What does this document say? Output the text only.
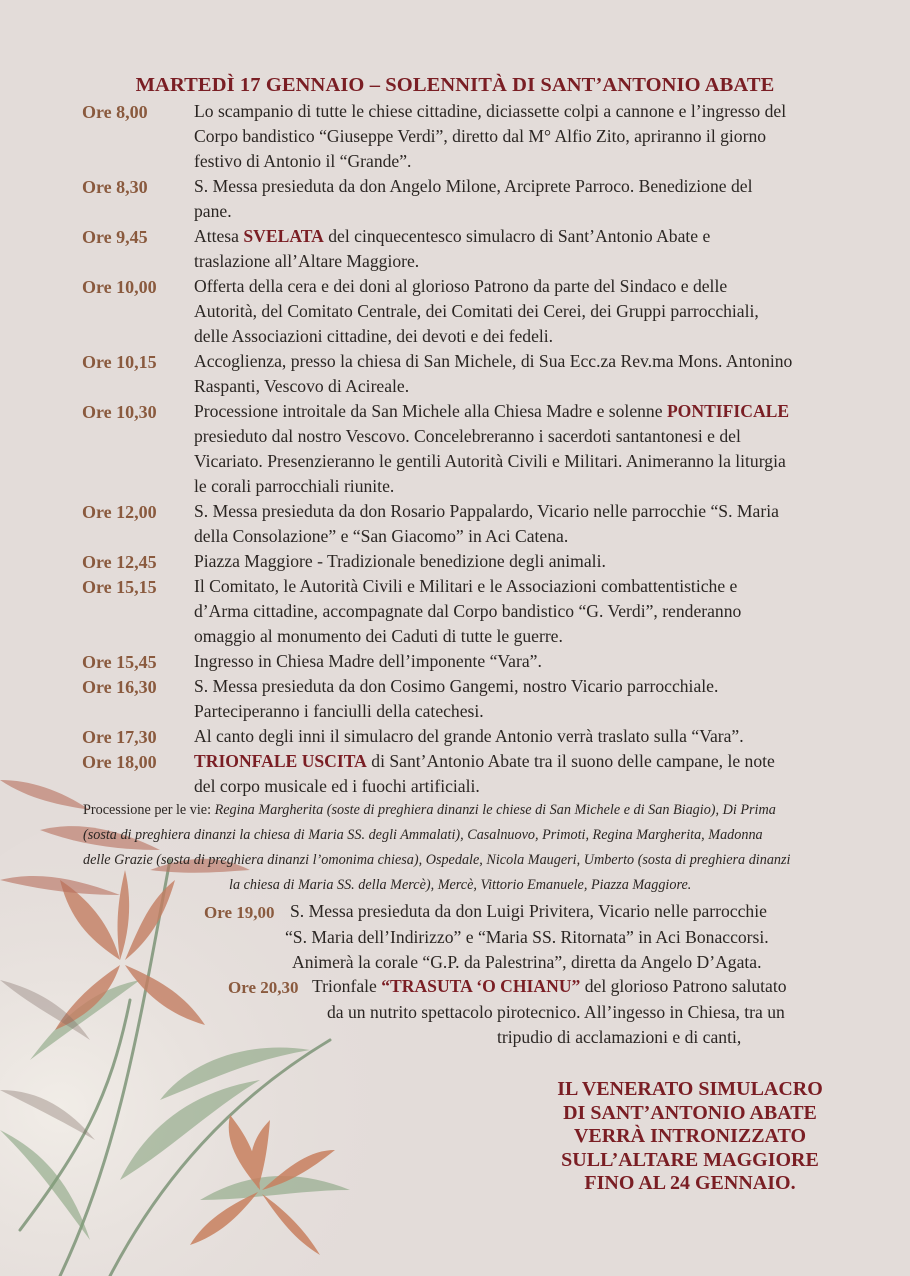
MARTEDÌ 17 GENNAIO – SOLENNITÀ DI SANT’ANTONIO ABATE
Ore 8,00	Lo scampanio di tutte le chiese cittadine, diciassette colpi a cannone e l’ingresso del
Corpo bandistico “Giuseppe Verdi”, diretto dal M° Alfio Zito, apriranno il giorno
festivo di Antonio il “Grande”.
Ore 8,30	S. Messa presieduta da don Angelo Milone, Arciprete Parroco. Benedizione del
pane.
Ore 9,45	Attesa SVELATA del cinquecentesco simulacro di Sant’Antonio Abate e
traslazione all’Altare Maggiore.
Ore 10,00 Offerta della cera e dei doni al glorioso Patrono da parte del Sindaco e delle
Autorità, del Comitato Centrale, dei Comitati dei Cerei, dei Gruppi parrocchiali,
delle Associazioni cittadine, dei devoti e dei fedeli.
Ore 10,15 Accoglienza, presso la chiesa di San Michele, di Sua Ecc.za Rev.ma Mons. Antonino
Raspanti, Vescovo di Acireale.
Ore 10,30 Processione introitale da San Michele alla Chiesa Madre e solenne PONTIFICALE
presieduto dal nostro Vescovo. Concelebreranno i sacerdoti santantonesi e del
Vicariato. Presenzieranno le gentili Autorità Civili e Militari. Animeranno la liturgia
le corali parrocchiali riunite.
Ore 12,00 S. Messa presieduta da don Rosario Pappalardo, Vicario nelle parrocchie “S. Maria
della Consolazione” e “San Giacomo” in Aci Catena.
Ore 12,45 Piazza Maggiore - Tradizionale benedizione degli animali.
Ore 15,15 Il Comitato, le Autorità Civili e Militari e le Associazioni combattentistiche e
d’Arma cittadine, accompagnate dal Corpo bandistico “G. Verdi”, renderanno
omaggio al monumento dei Caduti di tutte le guerre.
Ore 15,45 Ingresso in Chiesa Madre dell’imponente “Vara”.
Ore 16,30 S. Messa presieduta da don Cosimo Gangemi, nostro Vicario parrocchiale.
Parteciperanno i fanciulli della catechesi.
Ore 17,30 Al canto degli inni il simulacro del grande Antonio verrà traslato sulla “Vara”.
Ore 18,00 TRIONFALE USCITA di Sant’Antonio Abate tra il suono delle campane, le note
del corpo musicale ed i fuochi artificiali.
Processione per le vie: Regina Margherita (soste di preghiera dinanzi le chiese di San Michele e di San Biagio), Di Prima
(sosta di preghiera dinanzi la chiesa di Maria SS. degli Ammalati), Casalnuovo, Primoti, Regina Margherita, Madonna
delle Grazie (sosta di preghiera dinanzi l’omonima chiesa), Ospedale, Nicola Maugeri, Umberto (sosta di preghiera dinanzi
la chiesa di Maria SS. della Mercè), Mercè, Vittorio Emanuele, Piazza Maggiore.
Ore 19,00 S. Messa presieduta da don Luigi Privitera, Vicario nelle parrocchie
“S. Maria dell’Indirizzo” e “Maria SS. Ritornata” in Aci Bonaccorsi.
Animerà la corale “G.P. da Palestrina”, diretta da Angelo D’Agata.
Ore 20,30 Trionfale “TRASUTA ‘O CHIANU” del glorioso Patrono salutato
da un nutrito spettacolo pirotecnico. All’ingesso in Chiesa, tra un
tripudio di acclamazioni e di canti,
IL VENERATO SIMULACRO
DI SANT’ANTONIO ABATE
VERRÀ INTRONIZZATO
SULL’ALTARE MAGGIORE
FINO AL 24 GENNAIO.
